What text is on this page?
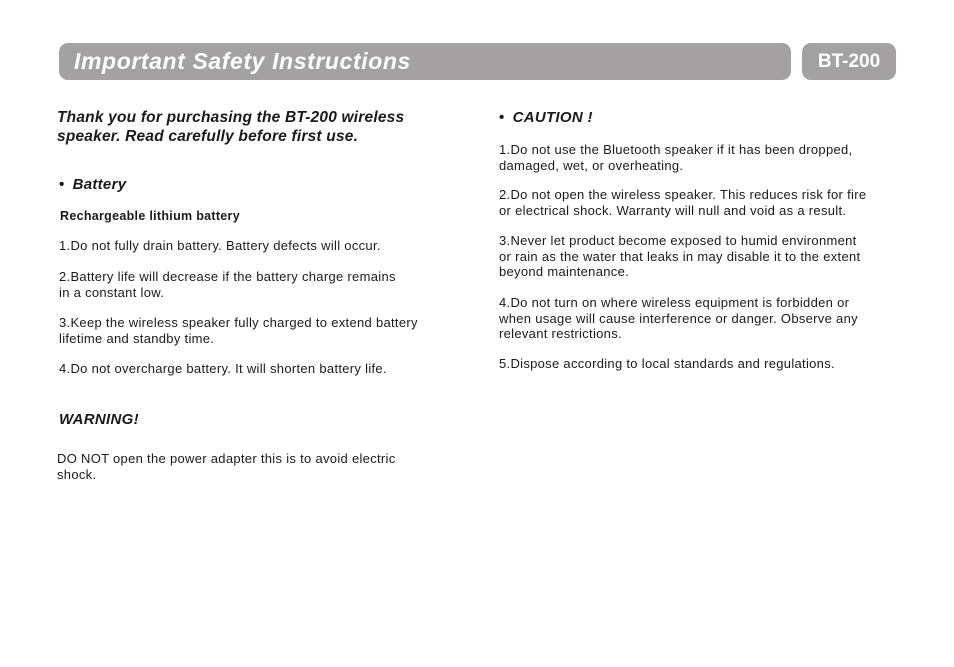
Important Safety Instructions	BT-200
Thank you for purchasing the BT-200 wireless speaker. Read carefully before first use.
• Battery
Rechargeable lithium battery
1.Do not fully drain battery. Battery defects will occur.
2.Battery life will decrease if the battery charge remains
in a constant low.
3.Keep the wireless speaker fully charged to extend battery
lifetime and standby time.
4.Do not overcharge battery. It will shorten battery life.
WARNING!
DO NOT open the power adapter this is to avoid electric
shock.
• CAUTION !
1.Do not use the Bluetooth speaker if it has been dropped,
damaged, wet, or overheating.
2.Do not open the wireless speaker. This reduces risk for fire
or electrical shock. Warranty will null and void as a result.
3.Never let product become exposed to humid environment
or rain as the water that leaks in may disable it to the extent
beyond maintenance.
4.Do not turn on where wireless equipment is forbidden or
when usage will cause interference or danger. Observe any
relevant restrictions.
5.Dispose according to local standards and regulations.
